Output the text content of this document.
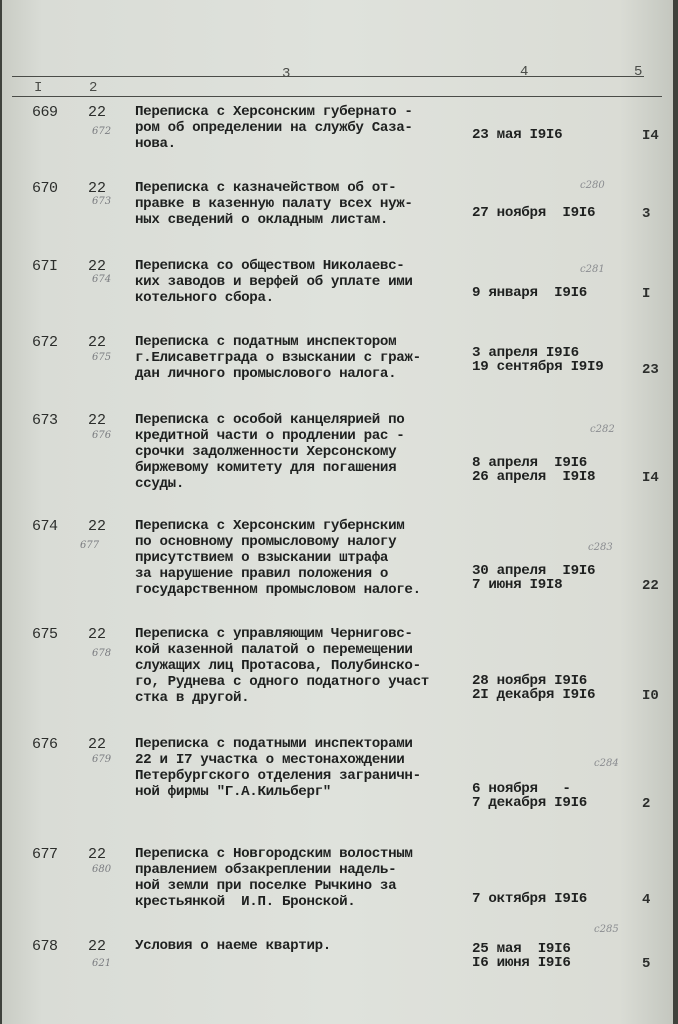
I	2
3	4	5
669 22
672
Переписка с Херсонским губернато -
ром об определении на службу Саза-
нова.
23 мая I9I6	I4
670 22
673
Переписка с казначейством об от-
правке в казенную палату всех нуж-
ных сведений о окладным листам.	27 ноября  I9I6	3
c280
67I 22
674
Переписка со обществом Николаевс-
ких заводов и верфей об уплате ими
котельного сбора.	9 января  I9I6	I
c281
672 22
675
Переписка с податным инспектором
г.Елисаветграда о взыскании с граж-
дан личного промыслового налога.
3 апреля I9I6
19 сентября I9I9	23
673 22
676
Переписка с особой канцелярией по
кредитной части о продлении рас -
срочки задолженности Херсонскому
биржевому комитету для погашения
ссуды.
8 апреля  I9I6
26 апреля  I9I8	I4
c282
674 22
677
Переписка с Херсонским губернским
по основному промысловому налогу
присутствием о взыскании штрафа
за нарушение правил положения о
государственном промысловом налоге.
30 апреля  I9I6
7 июня I9I8	22
c283
675 22
678
Переписка с управляющим Черниговс-
кой казенной палатой о перемещении
служащих лиц Протасова, Полубинско-
го, Руднева с одного податного участ
стка в другой.
28 ноября I9I6
2I декабря I9I6	I0
676 22
679
Переписка с податными инспекторами
22 и I7 участка о местонахождении
Петербургского отделения заграничн-
ной фирмы "Г.А.Кильберг"	6 ноября   -
7 декабря I9I6	2
c284
677 22
680
Переписка с Новгородским волостным
правлением обзакреплении надель-
ной земли при поселке Рычкино за
крестьянкой  И.П. Бронской.	7 октября I9I6	4
678 22
621
Условия о наеме квартир.	25 мая  I9I6
I6 июня I9I6	5
c285
